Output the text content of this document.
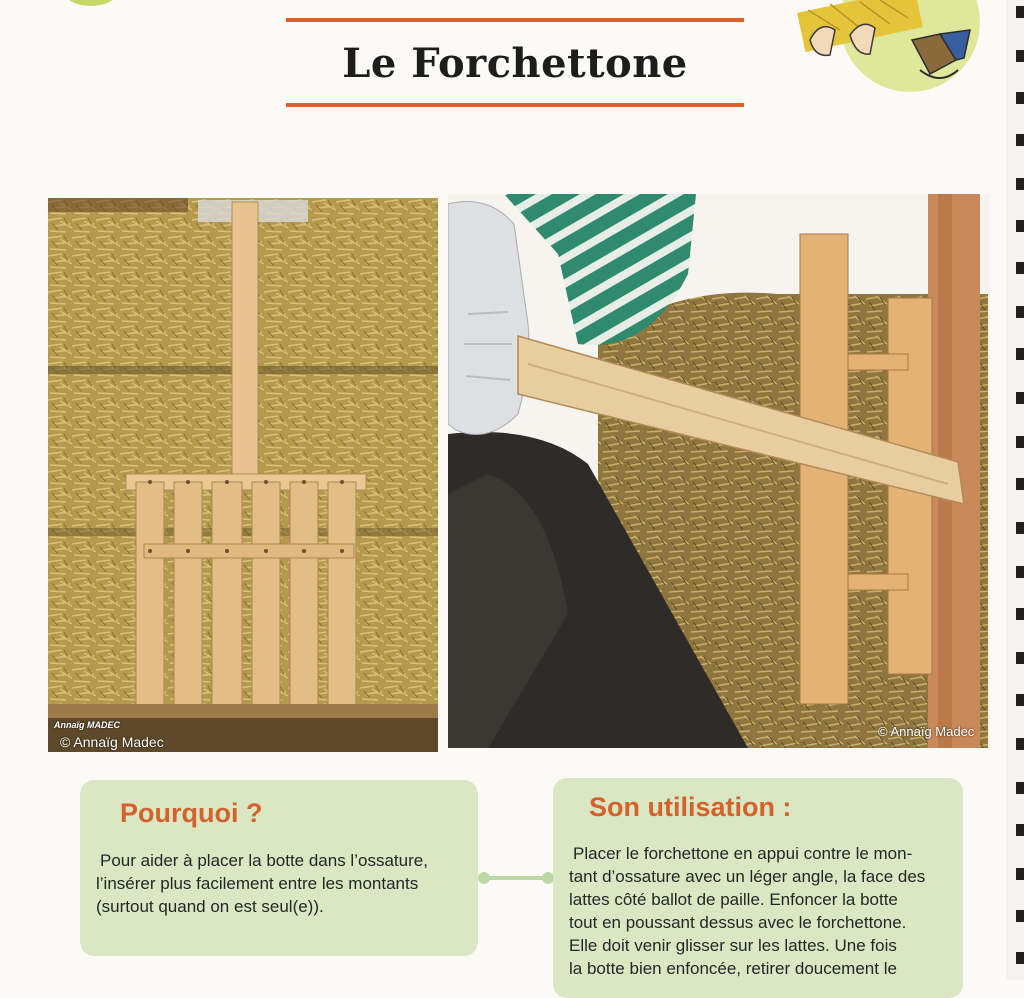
Le Forchettone
Annaïg MADEC
© Annaïg Madec
© Annaïg Madec
Pourquoi ?

Pour aider à placer la botte dans l’ossature,

l’insérer plus facilement entre les montants

(surtout quand on est seul(e)).

Son utilisation :

Placer le forchettone en appui contre le mon-

tant d’ossature avec un léger angle, la face des

lattes côté ballot de paille. Enfoncer la botte

tout en poussant dessus avec le forchettone.

Elle doit venir glisser sur les lattes. Une fois

la botte bien enfoncée, retirer doucement le
